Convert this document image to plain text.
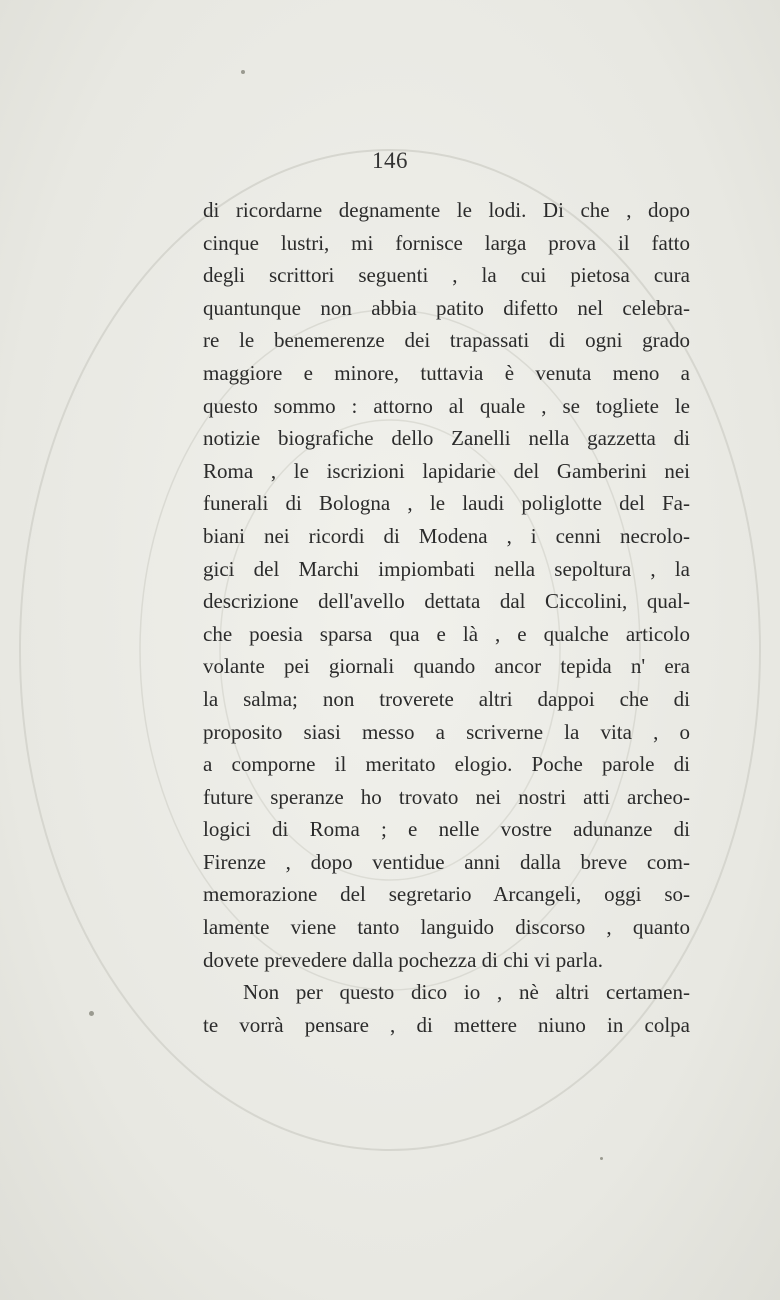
146
di ricordarne degnamente le lodi. Di che , dopo
cinque lustri, mi fornisce larga prova il fatto
degli scrittori seguenti , la cui pietosa cura
quantunque non abbia patito difetto nel celebra-
re le benemerenze dei trapassati di ogni grado
maggiore e minore, tuttavia è venuta meno a
questo sommo : attorno al quale , se togliete le
notizie biografiche dello Zanelli nella gazzetta di
Roma , le iscrizioni lapidarie del Gamberini nei
funerali di Bologna , le laudi poliglotte del Fa-
biani nei ricordi di Modena , i cenni necrolo-
gici del Marchi impiombati nella sepoltura , la
descrizione dell'avello dettata dal Ciccolini, qual-
che poesia sparsa qua e là , e qualche articolo
volante pei giornali quando ancor tepida n' era
la salma; non troverete altri dappoi che di
proposito siasi messo a scriverne la vita , o
a comporne il meritato elogio. Poche parole di
future speranze ho trovato nei nostri atti archeo-
logici di Roma ; e nelle vostre adunanze di
Firenze , dopo ventidue anni dalla breve com-
memorazione del segretario Arcangeli, oggi so-
lamente viene tanto languido discorso , quanto
dovete prevedere dalla pochezza di chi vi parla.
Non per questo dico io , nè altri certamen-
te vorrà pensare , di mettere niuno in colpa
